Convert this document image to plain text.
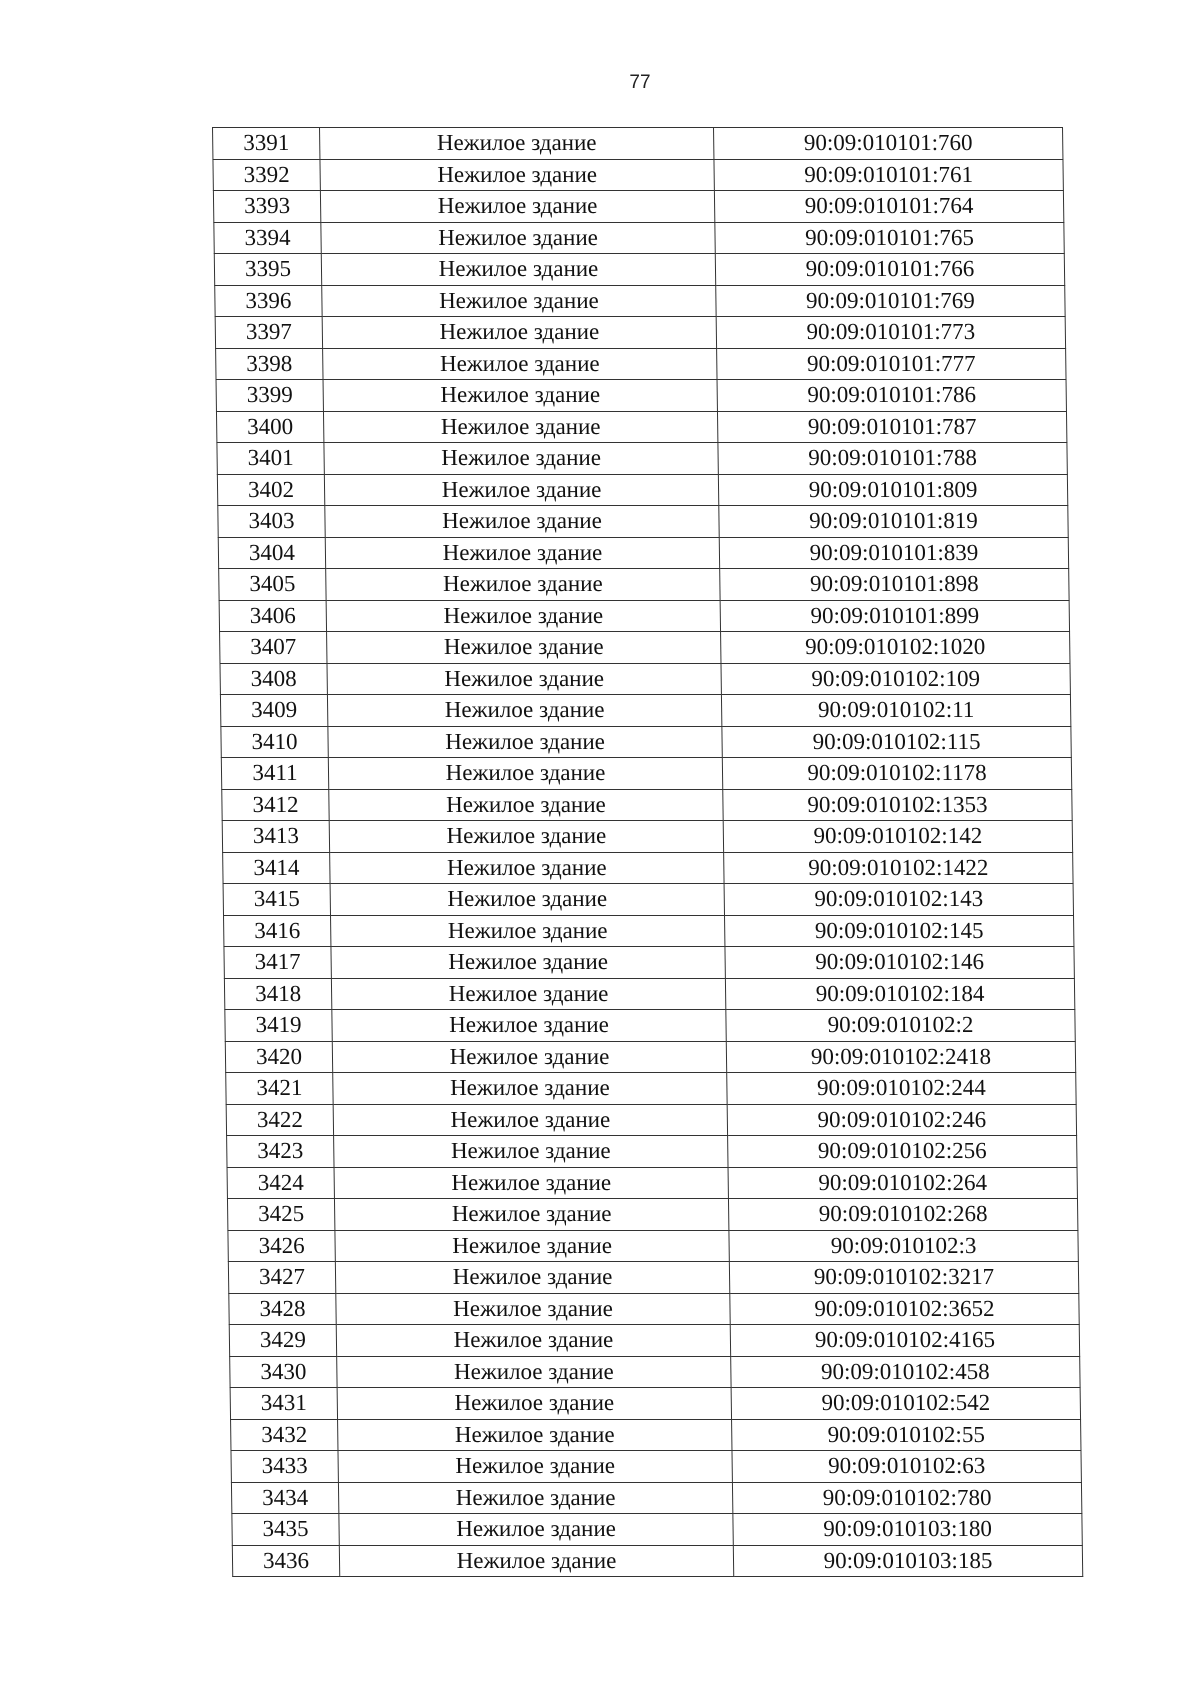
77
3391	Нежилое здание	90:09:010101:760
3392	Нежилое здание	90:09:010101:761
3393	Нежилое здание	90:09:010101:764
3394	Нежилое здание	90:09:010101:765
3395	Нежилое здание	90:09:010101:766
3396	Нежилое здание	90:09:010101:769
3397	Нежилое здание	90:09:010101:773
3398	Нежилое здание	90:09:010101:777
3399	Нежилое здание	90:09:010101:786
3400	Нежилое здание	90:09:010101:787
3401	Нежилое здание	90:09:010101:788
3402	Нежилое здание	90:09:010101:809
3403	Нежилое здание	90:09:010101:819
3404	Нежилое здание	90:09:010101:839
3405	Нежилое здание	90:09:010101:898
3406	Нежилое здание	90:09:010101:899
3407	Нежилое здание	90:09:010102:1020
3408	Нежилое здание	90:09:010102:109
3409	Нежилое здание	90:09:010102:11
3410	Нежилое здание	90:09:010102:115
3411	Нежилое здание	90:09:010102:1178
3412	Нежилое здание	90:09:010102:1353
3413	Нежилое здание	90:09:010102:142
3414	Нежилое здание	90:09:010102:1422
3415	Нежилое здание	90:09:010102:143
3416	Нежилое здание	90:09:010102:145
3417	Нежилое здание	90:09:010102:146
3418	Нежилое здание	90:09:010102:184
3419	Нежилое здание	90:09:010102:2
3420	Нежилое здание	90:09:010102:2418
3421	Нежилое здание	90:09:010102:244
3422	Нежилое здание	90:09:010102:246
3423	Нежилое здание	90:09:010102:256
3424	Нежилое здание	90:09:010102:264
3425	Нежилое здание	90:09:010102:268
3426	Нежилое здание	90:09:010102:3
3427	Нежилое здание	90:09:010102:3217
3428	Нежилое здание	90:09:010102:3652
3429	Нежилое здание	90:09:010102:4165
3430	Нежилое здание	90:09:010102:458
3431	Нежилое здание	90:09:010102:542
3432	Нежилое здание	90:09:010102:55
3433	Нежилое здание	90:09:010102:63
3434	Нежилое здание	90:09:010102:780
3435	Нежилое здание	90:09:010103:180
3436	Нежилое здание	90:09:010103:185
